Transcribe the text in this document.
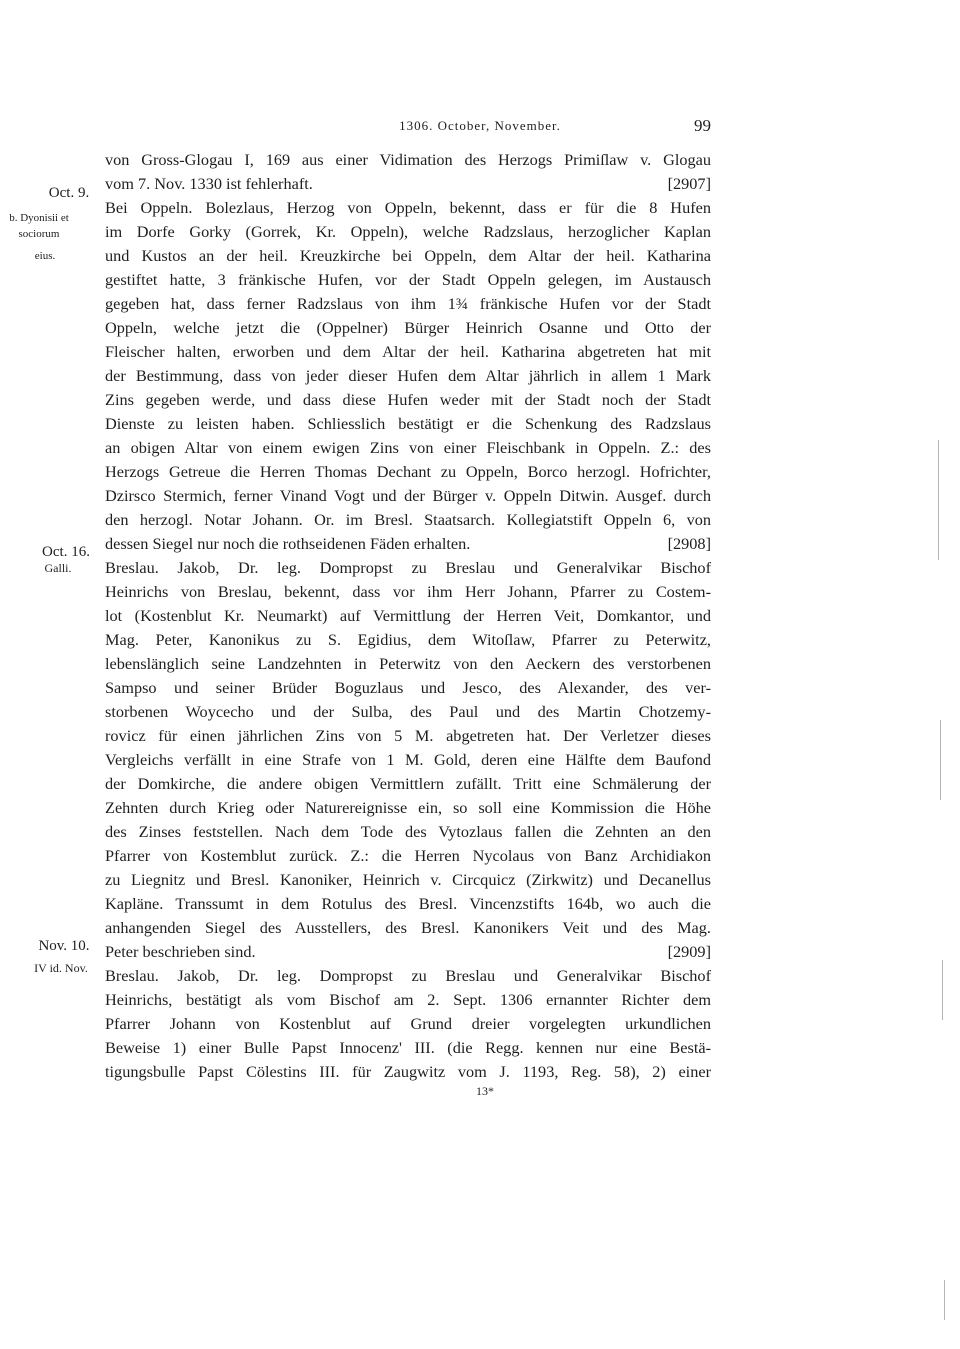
1306. October, November.	99
Oct. 9.
b. Dyonisii et
sociorum
eius.
Oct. 16.
Galli.
Nov. 10.
IV id. Nov.
von Gross-Glogau I, 169 aus einer Vidimation des Herzogs Primiſlaw v. Glogau
vom 7. Nov. 1330 ist fehlerhaft.	[2907]
Bei Oppeln. Bolezlaus, Herzog von Oppeln, bekennt, dass er für die 8 Hufen
im Dorfe Gorky (Gorrek, Kr. Oppeln), welche Radzslaus, herzoglicher Kaplan
und Kustos an der heil. Kreuzkirche bei Oppeln, dem Altar der heil. Katharina
gestiftet hatte, 3 fränkische Hufen, vor der Stadt Oppeln gelegen, im Austausch
gegeben hat, dass ferner Radzslaus von ihm 1¾ fränkische Hufen vor der Stadt
Oppeln, welche jetzt die (Oppelner) Bürger Heinrich Osanne und Otto der
Fleischer halten, erworben und dem Altar der heil. Katharina abgetreten hat mit
der Bestimmung, dass von jeder dieser Hufen dem Altar jährlich in allem 1 Mark
Zins gegeben werde, und dass diese Hufen weder mit der Stadt noch der Stadt
Dienste zu leisten haben. Schliesslich bestätigt er die Schenkung des Radzslaus
an obigen Altar von einem ewigen Zins von einer Fleischbank in Oppeln. Z.: des
Herzogs Getreue die Herren Thomas Dechant zu Oppeln, Borco herzogl. Hofrichter,
Dzirsco Stermich, ferner Vinand Vogt und der Bürger v. Oppeln Ditwin. Ausgef. durch
den herzogl. Notar Johann. Or. im Bresl. Staatsarch. Kollegiatstift Oppeln 6, von
dessen Siegel nur noch die rothseidenen Fäden erhalten.	[2908]
Breslau. Jakob, Dr. leg. Dompropst zu Breslau und Generalvikar Bischof
Heinrichs von Breslau, bekennt, dass vor ihm Herr Johann, Pfarrer zu Costem-
lot (Kostenblut Kr. Neumarkt) auf Vermittlung der Herren Veit, Domkantor, und
Mag. Peter, Kanonikus zu S. Egidius, dem Witoſlaw, Pfarrer zu Peterwitz,
lebenslänglich seine Landzehnten in Peterwitz von den Aeckern des verstorbenen
Sampso und seiner Brüder Boguzlaus und Jesco, des Alexander, des ver-
storbenen Woycecho und der Sulba, des Paul und des Martin Chotzemy-
rovicz für einen jährlichen Zins von 5 M. abgetreten hat. Der Verletzer dieses
Vergleichs verfällt in eine Strafe von 1 M. Gold, deren eine Hälfte dem Baufond
der Domkirche, die andere obigen Vermittlern zufällt. Tritt eine Schmälerung der
Zehnten durch Krieg oder Naturereignisse ein, so soll eine Kommission die Höhe
des Zinses feststellen. Nach dem Tode des Vytozlaus fallen die Zehnten an den
Pfarrer von Kostemblut zurück. Z.: die Herren Nycolaus von Banz Archidiakon
zu Liegnitz und Bresl. Kanoniker, Heinrich v. Circquicz (Zirkwitz) und Decanellus
Kapläne. Transsumt in dem Rotulus des Bresl. Vincenzstifts 164b, wo auch die
anhangenden Siegel des Ausstellers, des Bresl. Kanonikers Veit und des Mag.
Peter beschrieben sind.	[2909]
Breslau. Jakob, Dr. leg. Dompropst zu Breslau und Generalvikar Bischof
Heinrichs, bestätigt als vom Bischof am 2. Sept. 1306 ernannter Richter dem
Pfarrer Johann von Kostenblut auf Grund dreier vorgelegten urkundlichen
Beweise 1) einer Bulle Papst Innocenz' III. (die Regg. kennen nur eine Bestä-
tigungsbulle Papst Cölestins III. für Zaugwitz vom J. 1193, Reg. 58), 2) einer
13*
